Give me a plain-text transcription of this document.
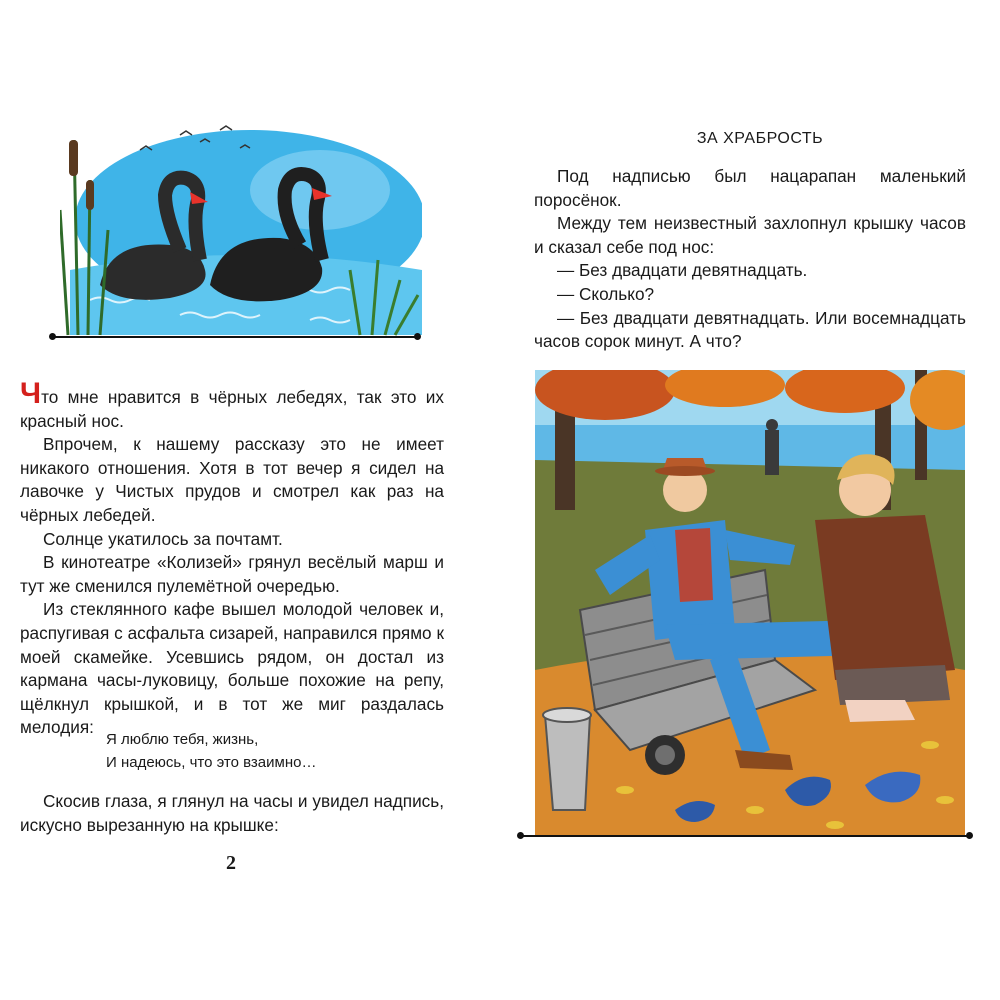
Что мне нравится в чёрных лебедях, так это их красный нос.

Впрочем, к нашему рассказу это не имеет никакого отношения. Хотя в тот вечер я сидел на лавочке у Чистых прудов и смотрел как раз на чёрных лебедей.

Солнце укатилось за почтамт.

В кинотеатре «Колизей» грянул весёлый марш и тут же сменился пулемётной очередью.

Из стеклянного кафе вышел молодой человек и, распугивая с асфальта сизарей, направился прямо к моей скамейке. Усевшись рядом, он достал из кармана часы-луковицу, больше похожие на репу, щёлкнул крышкой, и в тот же миг раздалась мелодия:

Я люблю тебя, жизнь,
И надеюсь, что это взаимно…

Скосив глаза, я глянул на часы и увидел надпись, искусно вырезанную на крышке:

2
ЗА ХРАБРОСТЬ

Под надписью был нацарапан маленький поросёнок.

Между тем неизвестный захлопнул крышку часов и сказал себе под нос:

— Без двадцати девятнадцать.

— Сколько?

— Без двадцати девятнадцать. Или восемнадцать часов сорок минут. А что?
